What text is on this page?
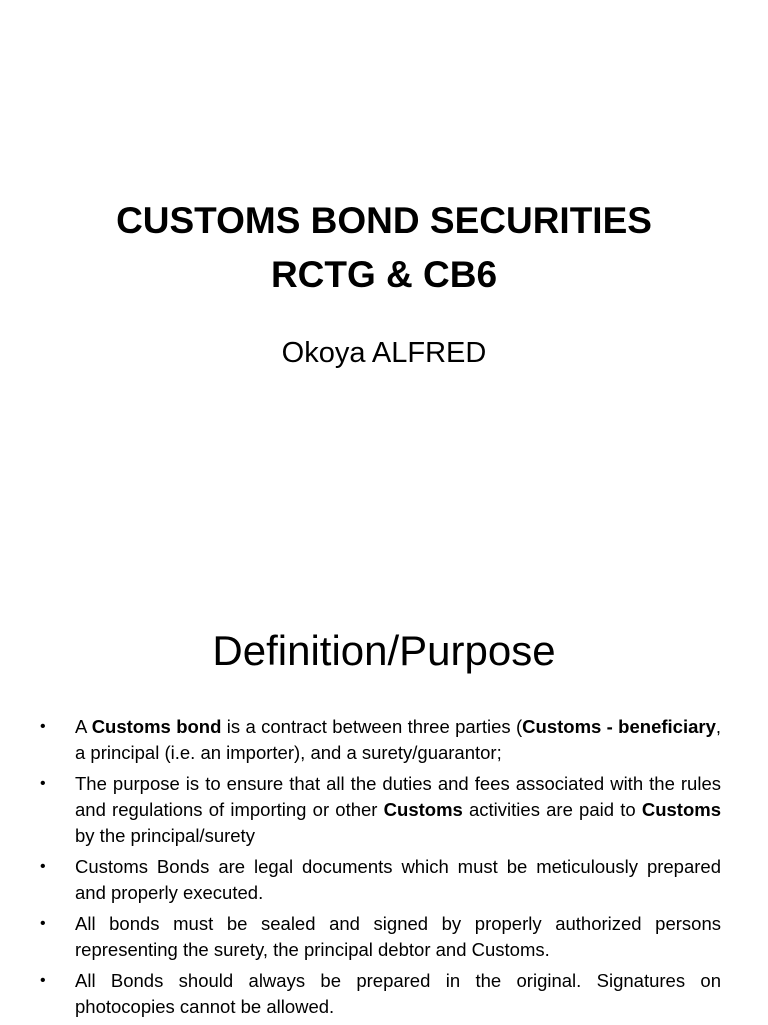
CUSTOMS BOND SECURITIES
RCTG & CB6

Okoya ALFRED

Definition/Purpose
• A Customs bond is a contract between three parties (Customs - beneficiary, a principal (i.e. an importer), and a surety/guarantor;
• The purpose is to ensure that all the duties and fees associated with the rules and regulations of importing or other Customs activities are paid to Customs by the principal/surety
• Customs Bonds are legal documents which must be meticulously prepared and properly executed.
• All bonds must be sealed and signed by properly authorized persons representing the surety, the principal debtor and Customs.
• All Bonds should always be prepared in the original. Signatures on photocopies cannot be allowed.
